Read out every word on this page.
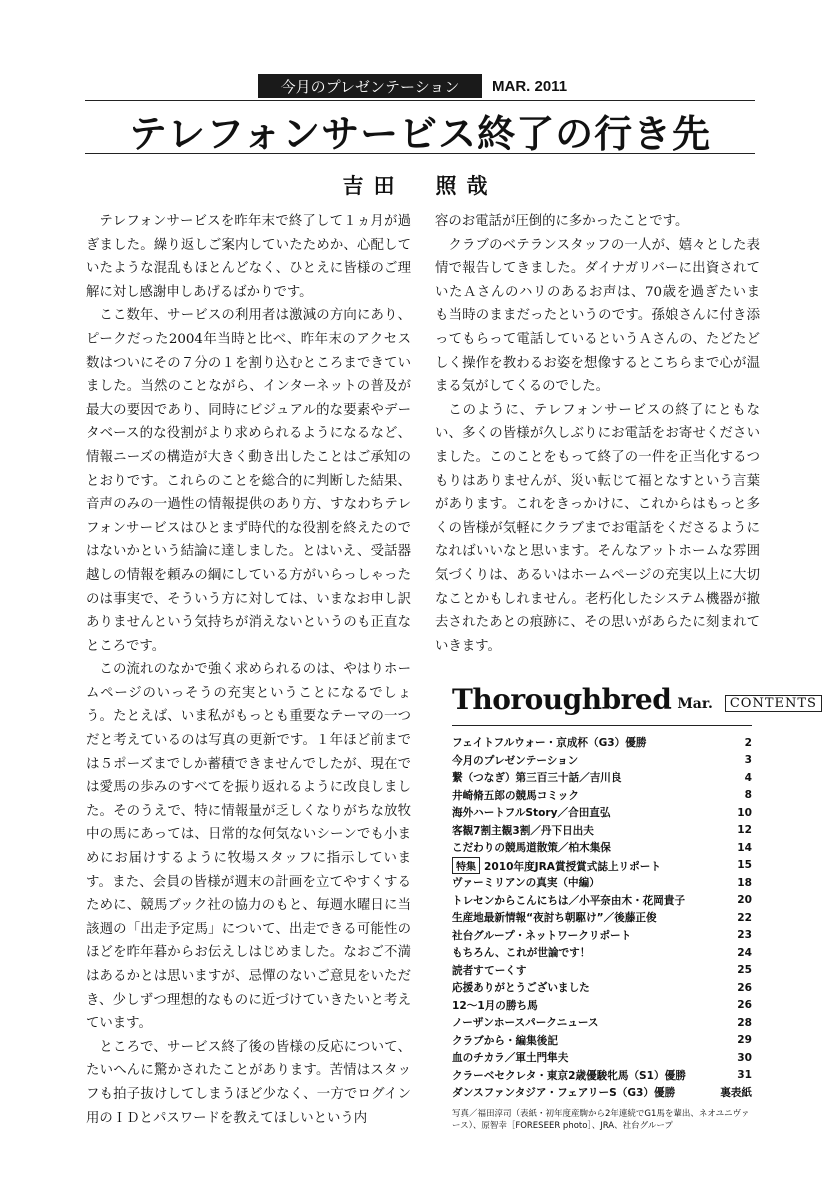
今月のプレゼンテーション	MAR. 2011
テレフォンサービス終了の行き先
吉田　照哉

テレフォンサービスを昨年末で終了して１ヵ月が過ぎました。繰り返しご案内していたためか、心配していたような混乱もほとんどなく、ひとえに皆様のご理解に対し感謝申しあげるばかりです。

ここ数年、サービスの利用者は激減の方向にあり、ピークだった2004年当時と比べ、昨年末のアクセス数はついにその７分の１を割り込むところまできていました。当然のことながら、インターネットの普及が最大の要因であり、同時にビジュアル的な要素やデータベース的な役割がより求められるようになるなど、情報ニーズの構造が大きく動き出したことはご承知のとおりです。これらのことを総合的に判断した結果、音声のみの一過性の情報提供のあり方、すなわちテレフォンサービスはひとまず時代的な役割を終えたのではないかという結論に達しました。とはいえ、受話器越しの情報を頼みの綱にしている方がいらっしゃったのは事実で、そういう方に対しては、いまなお申し訳ありませんという気持ちが消えないというのも正直なところです。

この流れのなかで強く求められるのは、やはりホームページのいっそうの充実ということになるでしょう。たとえば、いま私がもっとも重要なテーマの一つだと考えているのは写真の更新です。１年ほど前までは５ポーズまでしか蓄積できませんでしたが、現在では愛馬の歩みのすべてを振り返れるように改良しました。そのうえで、特に情報量が乏しくなりがちな放牧中の馬にあっては、日常的な何気ないシーンでも小まめにお届けするように牧場スタッフに指示しています。また、会員の皆様が週末の計画を立てやすくするために、競馬ブック社の協力のもと、毎週水曜日に当該週の「出走予定馬」について、出走できる可能性のほどを昨年暮からお伝えしはじめました。なおご不満はあるかとは思いますが、忌憚のないご意見をいただき、少しずつ理想的なものに近づけていきたいと考えています。

ところで、サービス終了後の皆様の反応について、たいへんに驚かされたことがあります。苦情はスタッフも拍子抜けしてしまうほど少なく、一方でログイン用のＩＤとパスワードを教えてほしいという内

容のお電話が圧倒的に多かったことです。

クラブのベテランスタッフの一人が、嬉々とした表情で報告してきました。ダイナガリバーに出資されていたＡさんのハリのあるお声は、70歳を過ぎたいまも当時のままだったというのです。孫娘さんに付き添ってもらって電話しているというＡさんの、たどたどしく操作を教わるお姿を想像するとこちらまで心が温まる気がしてくるのでした。

このように、テレフォンサービスの終了にともない、多くの皆様が久しぶりにお電話をお寄せくださいました。このことをもって終了の一件を正当化するつもりはありませんが、災い転じて福となすという言葉があります。これをきっかけに、これからはもっと多くの皆様が気軽にクラブまでお電話をくださるようになればいいなと思います。そんなアットホームな雰囲気づくりは、あるいはホームページの充実以上に大切なことかもしれません。老朽化したシステム機器が撤去されたあとの痕跡に、その思いがあらたに刻まれていきます。

Thoroughbred Mar.	CONTENTS
フェイトフルウォー・京成杯（G3）優勝	2
今月のプレゼンテーション	3
繋（つなぎ）第三百三十話／吉川良	4
井崎脩五郎の競馬コミック	8
海外ハートフルStory／合田直弘	10
客観7割主観3割／丹下日出夫	12
こだわりの競馬道散策／柏木集保	14
特集 2010年度JRA賞授賞式誌上リポート	15
ヴァーミリアンの真実（中編）	18
トレセンからこんにちは／小平奈由木・花岡貴子	20
生産地最新情報“夜討ち朝駆け”／後藤正俊	22
社台グループ・ネットワークリポート	23
もちろん、これが世論です！	24
読者すてーくす	25
応援ありがとうございました	26
12～1月の勝ち馬	26
ノーザンホースパークニュース	28
クラブから・編集後記	29
血のチカラ／軍土門隼夫	30
クラーベセクレタ・東京2歳優駿牝馬（S1）優勝	31
ダンスファンタジア・フェアリーS（G3）優勝	裏表紙
写真／福田淳司（表紙・初年度産駒から2年連続でG1馬を輩出、ネオユニヴァース）、原智幸［FORESEER photo］、JRA、社台グループ
